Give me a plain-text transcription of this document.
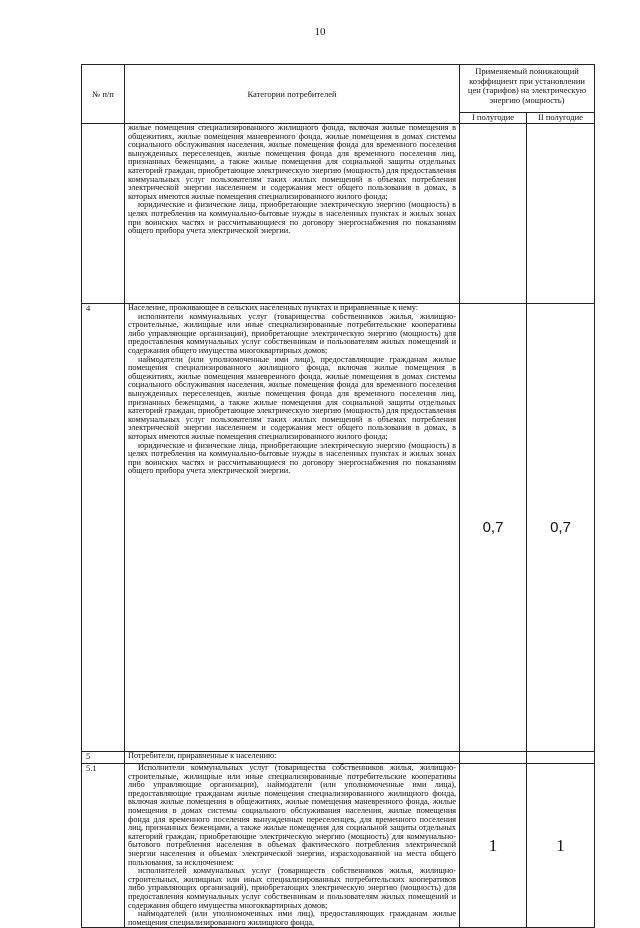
10
№ п/п	Категории потребителей	Применяемый понижающий коэффициент при установлении цен (тарифов) на электрическую энергию (мощность)	
		I полугодие	II полугодие

	жилые помещения специализированного жилищного фонда, включая жилые помещения в общежитиях, жилые помещения маневренного фонда, жилые помещения в домах системы социального обслуживания населения, жилые помещения фонда для временного поселения вынужденных переселенцев, жилые помещения фонда для временного поселения лиц, признанных беженцами, а также жилые помещения для социальной защиты отдельных категорий граждан, приобретающие электрическую энергию (мощность) для предоставления коммунальных услуг пользователям таких жилых помещений в объемах потребления электрической энергии населением и содержания мест общего пользования в домах, в которых имеются жилые помещения специализированного жилого фонда;

юридические и физические лица, приобретающие электрическую энергию (мощность) в целях потребления на коммунально-бытовые нужды в населенных пунктах и жилых зонах при воинских частях и рассчитывающиеся по договору энергоснабжения по показаниям общего прибора учета электрической энергии.		

4	Население, проживающее в сельских населенных пунктах и приравненные к нему:

исполнители коммунальных услуг (товарищества собственников жилья, жилищно-строительные, жилищные или иные специализированные потребительские кооперативы либо управляющие организации), приобретающие электрическую энергию (мощность) для предоставления коммунальных услуг собственникам и пользователям жилых помещений и содержания общего имущества многоквартирных домов;

наймодатели (или уполномоченные ими лица), предоставляющие гражданам жилые помещения специализированного жилищного фонда, включая жилые помещения в общежитиях, жилые помещения маневренного фонда, жилые помещения в домах системы социального обслуживания населения, жилые помещения фонда для временного поселения вынужденных переселенцев, жилые помещения фонда для временного поселения лиц, признанных беженцами, а также жилые помещения для социальной защиты отдельных категорий граждан, приобретающие электрическую энергию (мощность) для предоставления коммунальных услуг пользователям таких жилых помещений в объемах потребления электрической энергии населением и содержания мест общего пользования в домах, в которых имеются жилые помещения специализированного жилого фонда;

юридические и физические лица, приобретающие электрическую энергию (мощность) в целях потребления на коммунально-бытовые нужды в населенных пунктах и жилых зонах при воинских частях и рассчитывающиеся по договору энергоснабжения по показаниям общего прибора учета электрической энергии.	0,7	0,7
5	Потребители, приравненные к населению:		

5.1	Исполнители коммунальных услуг (товарищества собственников жилья, жилищно-строительные, жилищные или иные специализированные потребительские кооперативы либо управляющие организации), наймодатели (или уполномоченные ими лица), предоставляющие гражданам жилые помещения специализированного жилищного фонда, включая жилые помещения в общежитиях, жилые помещения маневренного фонда, жилые помещения в домах системы социального обслуживания населения, жилые помещения фонда для временного поселения вынужденных переселенцев, для временного поселения лиц, признанных беженцами, а также жилые помещения для социальной защиты отдельных категорий граждан, приобретающие электрическую энергию (мощность) для коммунально-бытового потребления населения в объемах фактического потребления электрической энергии населения и объемах электрической энергии, израсходованной на места общего пользования, за исключением:

исполнителей коммунальных услуг (товариществ собственников жилья, жилищно-строительных, жилищных или иных специализированных потребительских кооперативов либо управляющих организаций), приобретающих электрическую энергию (мощность) для предоставления коммунальных услуг собственникам и пользователям жилых помещений и содержания общего имущества многоквартирных домов;

наймодателей (или уполномоченных ими лиц), предоставляющих гражданам жилые помещения специализированного жилищного фонда,	1	1
